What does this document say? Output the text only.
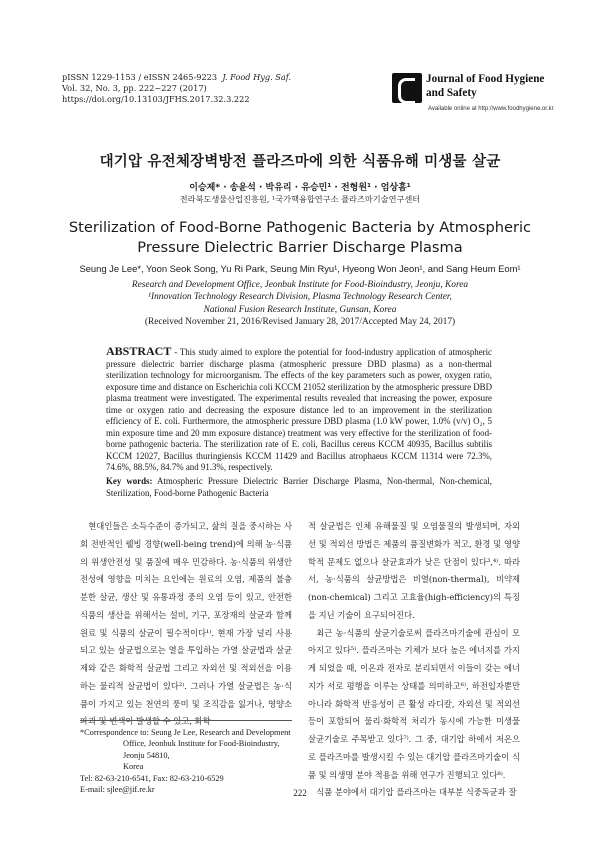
pISSN 1229-1153 / eISSN 2465-9223 J. Food Hyg. Saf.
Vol. 32, No. 3, pp. 222~227 (2017)
https://doi.org/10.13103/JFHS.2017.32.3.222
Journal of Food Hygiene
and Safety
Available online at http://www.foodhygiene.or.kr
대기압 유전체장벽방전 플라즈마에 의한 식품유해 미생물 살균
이승제* · 송윤석 · 박유리 · 유승민¹ · 전형원¹ · 엄상흠¹
전라북도생물산업진흥원, ¹국가핵융합연구소 플라즈마기술연구센터
Sterilization of Food-Borne Pathogenic Bacteria by Atmospheric Pressure Dielectric Barrier Discharge Plasma
Seung Je Lee*, Yoon Seok Song, Yu Ri Park, Seung Min Ryu¹, Hyeong Won Jeon¹, and Sang Heum Eom¹
Research and Development Office, Jeonbuk Institute for Food-Bioindustry, Jeonju, Korea
¹Innovation Technology Research Division, Plasma Technology Research Center,
National Fusion Research Institute, Gunsan, Korea
(Received November 21, 2016/Revised January 28, 2017/Accepted May 24, 2017)
ABSTRACT - This study aimed to explore the potential for food-industry application of atmospheric pressure dielectric barrier discharge plasma (atmospheric pressure DBD plasma) as a non-thermal sterilization technology for microorganism. The effects of the key parameters such as power, oxygen ratio, exposure time and distance on Escherichia coli KCCM 21052 sterilization by the atmospheric pressure DBD plasma treatment were investigated. The experimental results revealed that increasing the power, exposure time or oxygen ratio and decreasing the exposure distance led to an improvement in the sterilization efficiency of E. coli. Furthermore, the atmospheric pressure DBD plasma (1.0 kW power, 1.0% (v/v) O₂, 5 min exposure time and 20 mm exposure distance) treatment was very effective for the sterilization of food-borne pathogenic bacteria. The sterilization rate of E. coli, Bacillus cereus KCCM 40935, Bacillus subtilis KCCM 12027, Bacillus thuringiensis KCCM 11429 and Bacillus atrophaeus KCCM 11314 were 72.3%, 74.6%, 88.5%, 84.7% and 91.3%, respectively.
Key words: Atmospheric Pressure Dielectric Barrier Discharge Plasma, Non-thermal, Non-chemical, Sterilization, Food-borne Pathogenic Bacteria

현대인들은 소득수준이 증가되고, 삶의 질을 중시하는 사회 전반적인 웰빙 경향(well-being trend)에 의해 농·식품의 위생안전성 및 품질에 매우 민감하다. 농·식품의 위생안전성에 영향을 미치는 요인에는 원료의 오염, 제품의 불충분한 살균, 생산 및 유통과정 중의 오염 등이 있고, 안전한 식품의 생산을 위해서는 설비, 기구, 포장재의 살균과 함께 원료 및 식품의 살균이 필수적이다¹⁾. 현재 가장 널리 사용되고 있는 살균법으로는 열을 투입하는 가열 살균법과 살균제와 같은 화학적 살균법 그리고 자외선 및 적외선을 이용하는 물리적 살균법이 있다²⁾. 그러나 가열 살균법은 농·식품이 가지고 있는 천연의 풍미 및 조직감을 잃거나, 영양소 파괴 및 변색이 발생할 수 있고, 화학

적 살균법은 인체 유해물질 및 오염물질의 발생되며, 자외선 및 적외선 방법은 제품의 품질변화가 적고, 환경 및 영양학적 문제도 없으나 살균효과가 낮은 단점이 있다³,⁴⁾. 따라서, 농·식품의 살균방법은 비열(non-thermal), 비약제(non-chemical) 그리고 고효율(high-efficiency)의 특징을 지닌 기술이 요구되어진다.

최근 농·식품의 살균기술로써 플라즈마기술에 관심이 모아지고 있다⁵⁾. 플라즈마는 기체가 보다 높은 에너지를 가지게 되었을 때, 이온과 전자로 분리되면서 이들이 갖는 에너지가 서로 평행을 이루는 상태를 의미하고⁶⁾, 하전입자뿐만 아니라 화학적 반응성이 큰 활성 라디칼, 자외선 및 적외선 등이 포함되어 물리·화학적 처리가 동시에 가능한 미생물 살균기술로 주목받고 있다⁷⁾. 그 중, 대기압 하에서 저온으로 플라즈마를 발생시킬 수 있는 대기압 플라즈마기술이 식품 및 의생명 분야 적용을 위해 연구가 진행되고 있다⁸⁾.

식품 분야에서 대기압 플라즈마는 대부분 식중독균과 잘

*Correspondence to: Seung Je Lee, Research and Development
Office, Jeonbuk Institute for Food-Bioindustry, Jeonju 54810,
Korea
Tel: 82-63-210-6541, Fax: 82-63-210-6529
E-mail: sjlee@jif.re.kr	222
